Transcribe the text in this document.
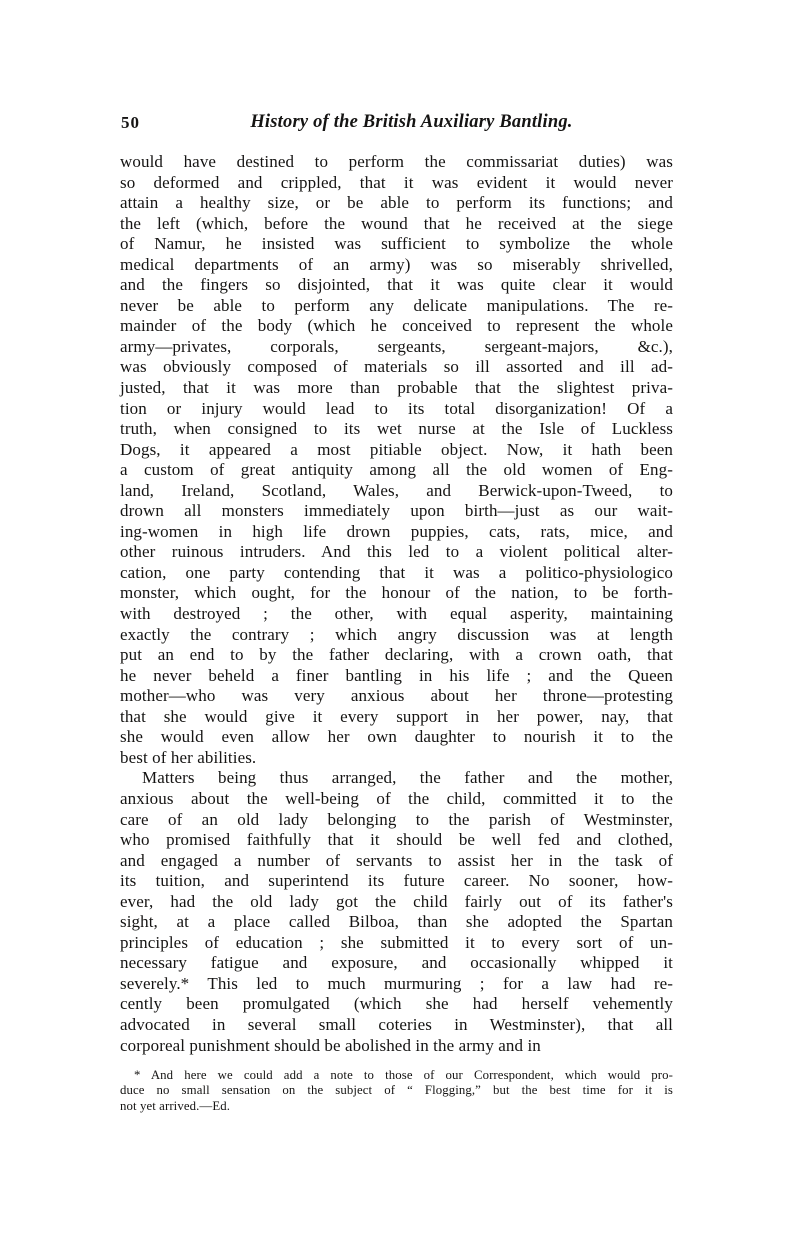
50	History of the British Auxiliary Bantling.
would have destined to perform the commissariat duties) was
so deformed and crippled, that it was evident it would never
attain a healthy size, or be able to perform its functions; and
the left (which, before the wound that he received at the siege
of Namur, he insisted was sufficient to symbolize the whole
medical departments of an army) was so miserably shrivelled,
and the fingers so disjointed, that it was quite clear it would
never be able to perform any delicate manipulations. The re-
mainder of the body (which he conceived to represent the whole
army—privates, corporals, sergeants, sergeant-majors, &c.),
was obviously composed of materials so ill assorted and ill ad-
justed, that it was more than probable that the slightest priva-
tion or injury would lead to its total disorganization! Of a
truth, when consigned to its wet nurse at the Isle of Luckless
Dogs, it appeared a most pitiable object. Now, it hath been
a custom of great antiquity among all the old women of Eng-
land, Ireland, Scotland, Wales, and Berwick-upon-Tweed, to
drown all monsters immediately upon birth—just as our wait-
ing-women in high life drown puppies, cats, rats, mice, and
other ruinous intruders. And this led to a violent political alter-
cation, one party contending that it was a politico-physiologico
monster, which ought, for the honour of the nation, to be forth-
with destroyed ; the other, with equal asperity, maintaining
exactly the contrary ; which angry discussion was at length
put an end to by the father declaring, with a crown oath, that
he never beheld a finer bantling in his life ; and the Queen
mother—who was very anxious about her throne—protesting
that she would give it every support in her power, nay, that
she would even allow her own daughter to nourish it to the
best of her abilities.
Matters being thus arranged, the father and the mother,
anxious about the well-being of the child, committed it to the
care of an old lady belonging to the parish of Westminster,
who promised faithfully that it should be well fed and clothed,
and engaged a number of servants to assist her in the task of
its tuition, and superintend its future career. No sooner, how-
ever, had the old lady got the child fairly out of its father's
sight, at a place called Bilboa, than she adopted the Spartan
principles of education ; she submitted it to every sort of un-
necessary fatigue and exposure, and occasionally whipped it
severely.* This led to much murmuring ; for a law had re-
cently been promulgated (which she had herself vehemently
advocated in several small coteries in Westminster), that all
corporeal punishment should be abolished in the army and in
* And here we could add a note to those of our Correspondent, which would pro-
duce no small sensation on the subject of “ Flogging,” but the best time for it is
not yet arrived.—Ed.
